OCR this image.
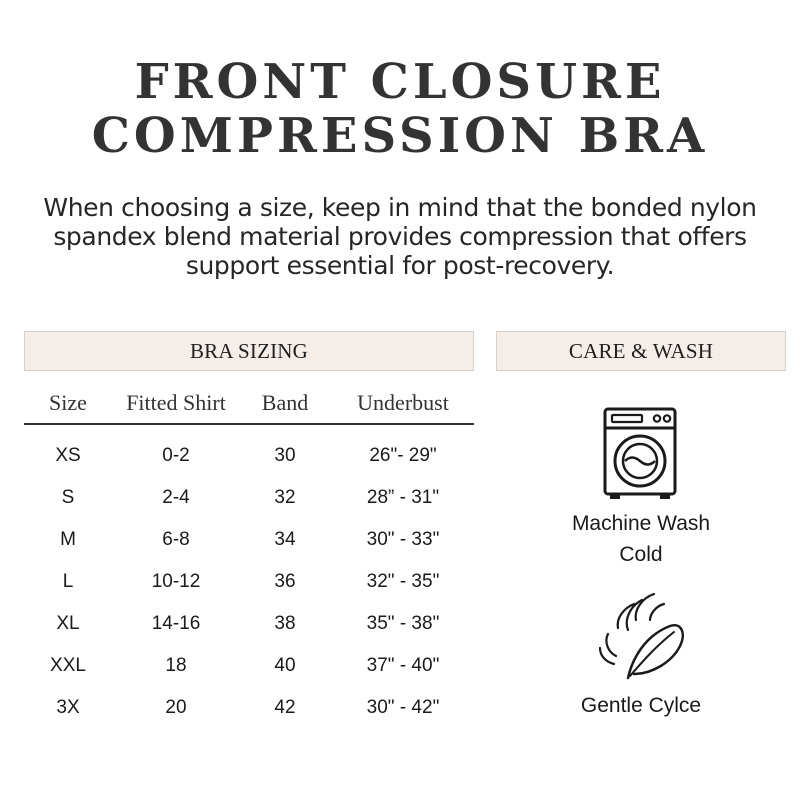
FRONT CLOSURE
COMPRESSION BRA
When choosing a size, keep in mind that the bonded nylon spandex blend material provides compression that offers support essential for post-recovery.
BRA SIZING	CARE & WASH
Size	Fitted Shirt	Band	Underbust
XS	0-2	30	26"- 29"
S	2-4	32	28” - 31"
M	6-8	34	30" - 33"
L	10-12	36	32" - 35"
XL	14-16	38	35" - 38"
XXL	18	40	37" - 40"
3X	20	42	30" - 42"
Machine Wash
Cold
Gentle Cylce
